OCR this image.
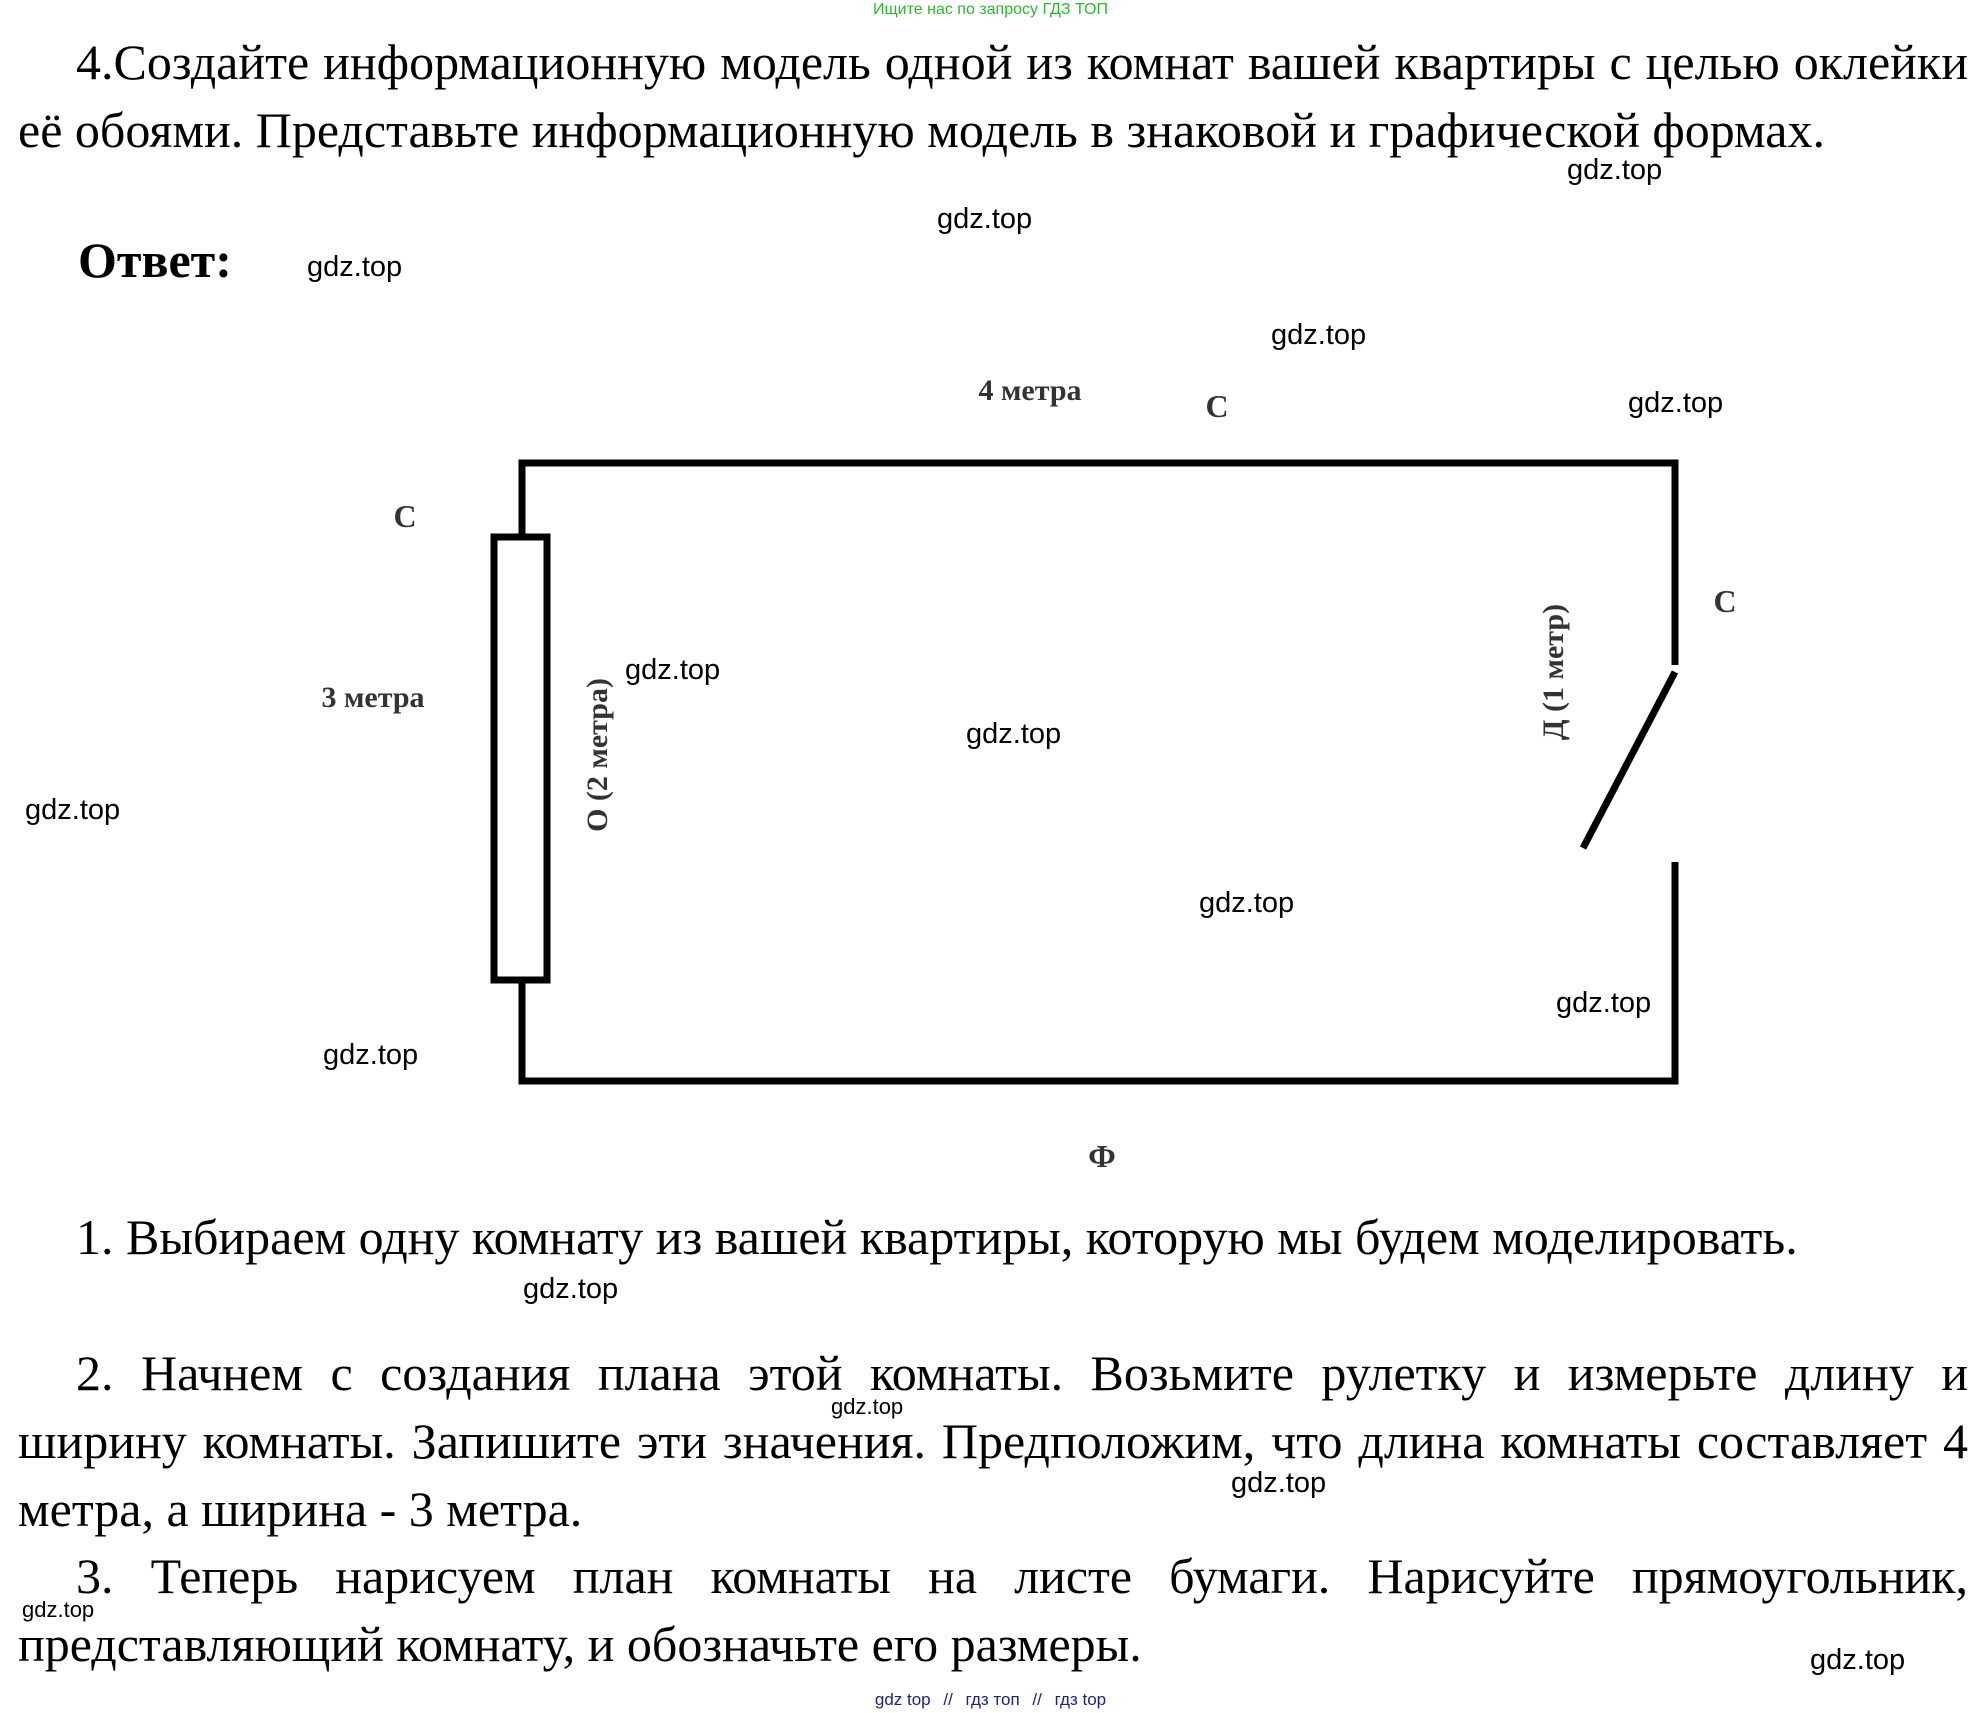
Ищите нас по запросу ГДЗ ТОП

4.Создайте информационную модель одной из комнат вашей квартиры с целью оклейки её обоями. Представьте информационную модель в знаковой и графической формах.

Ответ:
4 метра	С
С
С
Ф
3 метра	О (2 метра)
Д (1 метр)

1. Выбираем одну комнату из вашей квартиры, которую мы будем моделировать.

2. Начнем с создания плана этой комнаты. Возьмите рулетку и измерьте длину и ширину комнаты. Запишите эти значения. Предположим, что длина комнаты составляет 4 метра, а ширина - 3 метра.

3. Теперь нарисуем план комнаты на листе бумаги. Нарисуйте прямоугольник, представляющий комнату, и обозначьте его размеры.

gdz.top
gdz.top
gdz.top
gdz.top
gdz.top
gdz.top
gdz.top
gdz.top
gdz.top
gdz.top
gdz.top
gdz.top
gdz.top
gdz.top
gdz.top
gdz.top
gdz top // гдз топ // гдз top
